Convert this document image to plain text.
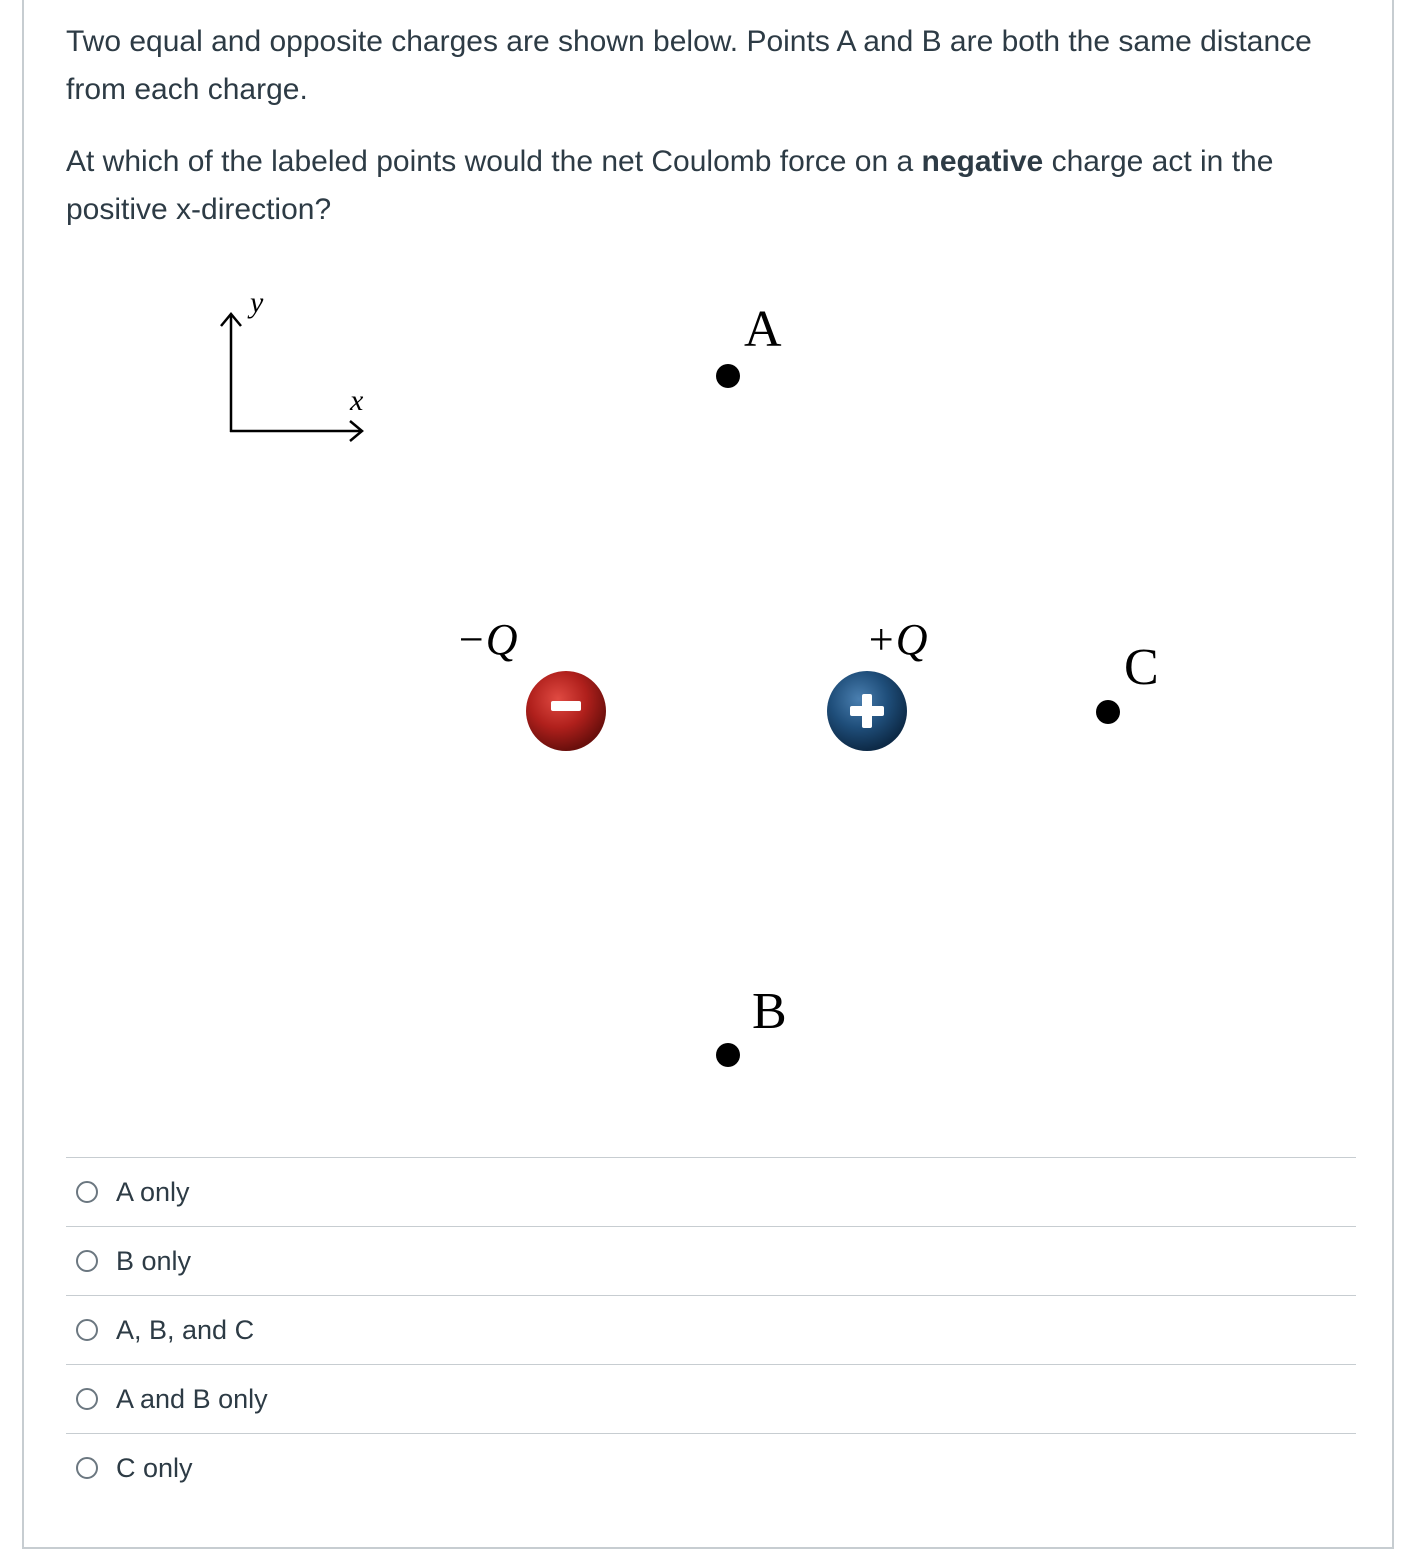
Two equal and opposite charges are shown below. Points A and B are both the same distance from each charge.

At which of the labeled points would the net Coulomb force on a negative charge act in the positive x-direction?

y
x
A
−Q	+Q	C
B
A only
B only
A, B, and C
A and B only
C only
